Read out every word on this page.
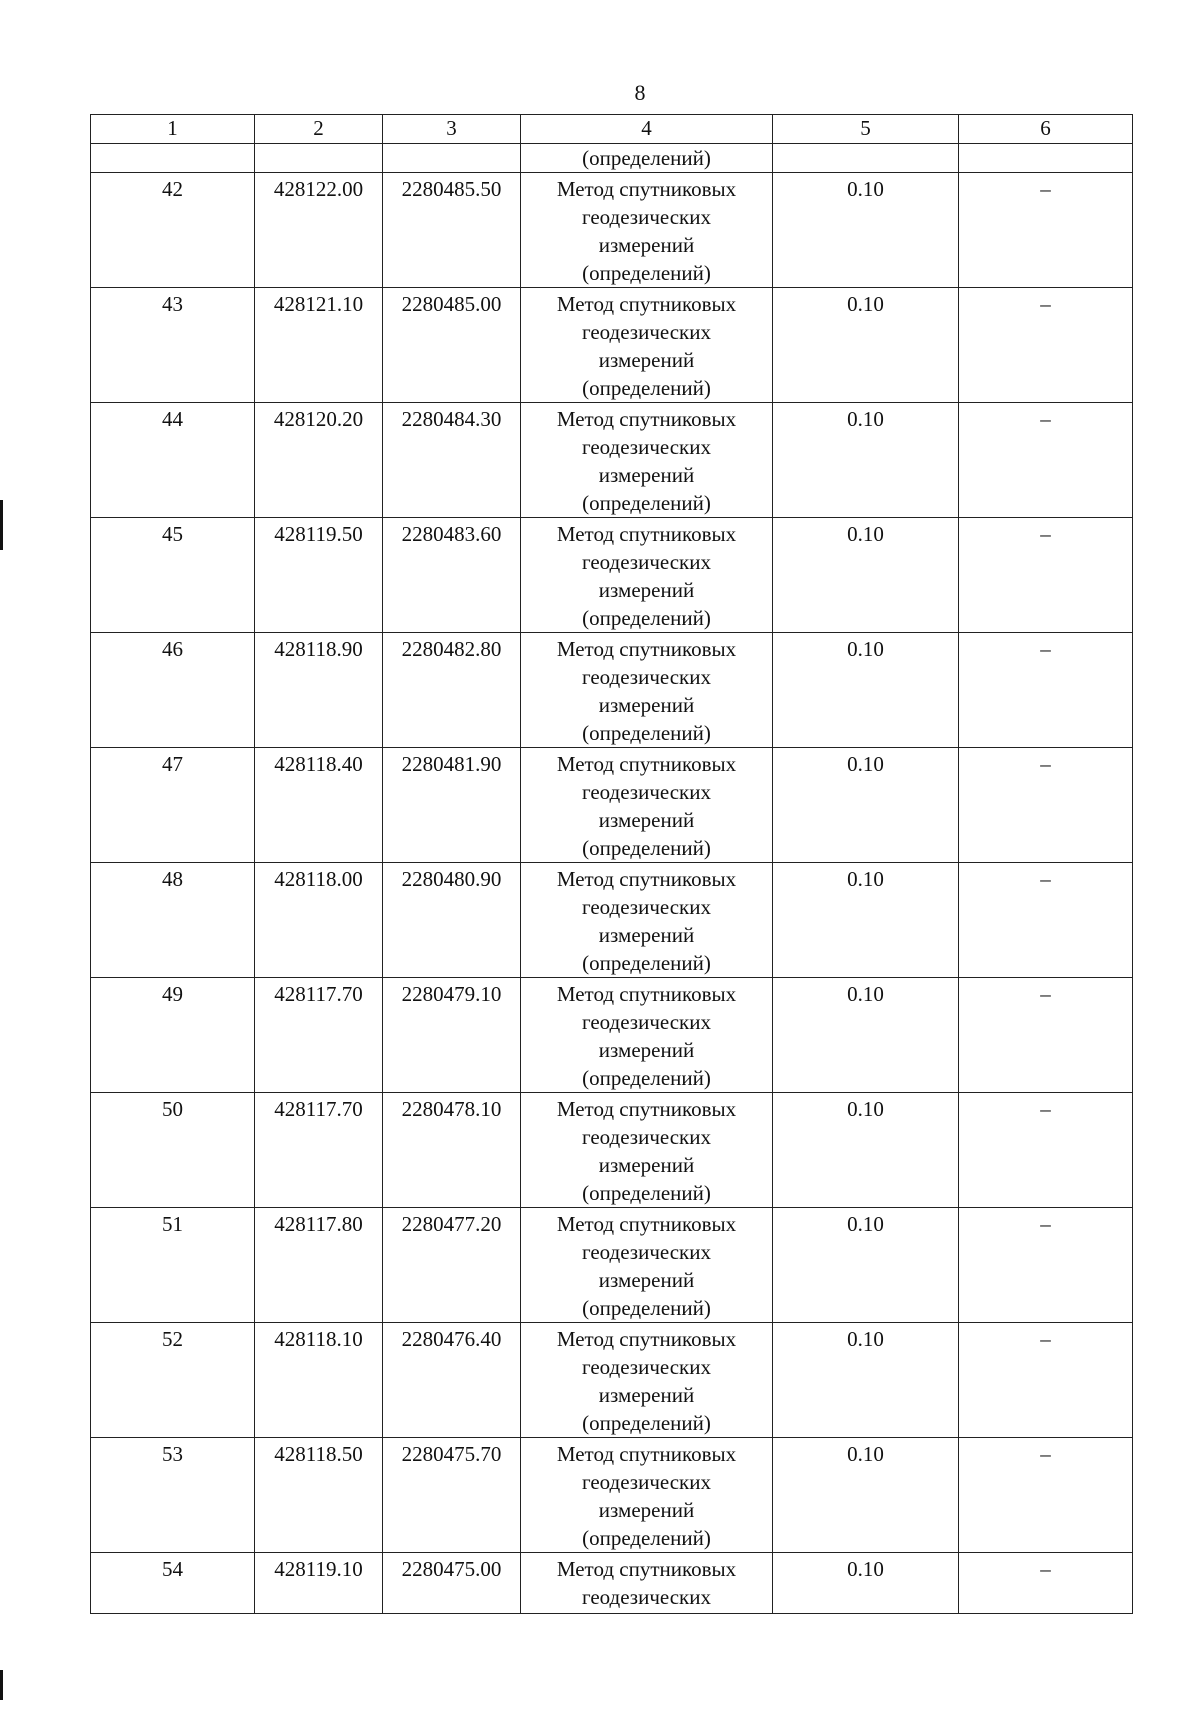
8
1	2	3	4	5	6
			(определений)		
42	428122.00	2280485.50	Метод спутниковых
геодезических
измерений
(определений)	0.10	–
43	428121.10	2280485.00	Метод спутниковых
геодезических
измерений
(определений)	0.10	–
44	428120.20	2280484.30	Метод спутниковых
геодезических
измерений
(определений)	0.10	–
45	428119.50	2280483.60	Метод спутниковых
геодезических
измерений
(определений)	0.10	–
46	428118.90	2280482.80	Метод спутниковых
геодезических
измерений
(определений)	0.10	–
47	428118.40	2280481.90	Метод спутниковых
геодезических
измерений
(определений)	0.10	–
48	428118.00	2280480.90	Метод спутниковых
геодезических
измерений
(определений)	0.10	–
49	428117.70	2280479.10	Метод спутниковых
геодезических
измерений
(определений)	0.10	–
50	428117.70	2280478.10	Метод спутниковых
геодезических
измерений
(определений)	0.10	–
51	428117.80	2280477.20	Метод спутниковых
геодезических
измерений
(определений)	0.10	–
52	428118.10	2280476.40	Метод спутниковых
геодезических
измерений
(определений)	0.10	–
53	428118.50	2280475.70	Метод спутниковых
геодезических
измерений
(определений)	0.10	–
54	428119.10	2280475.00	Метод спутниковых
геодезических	0.10	–
